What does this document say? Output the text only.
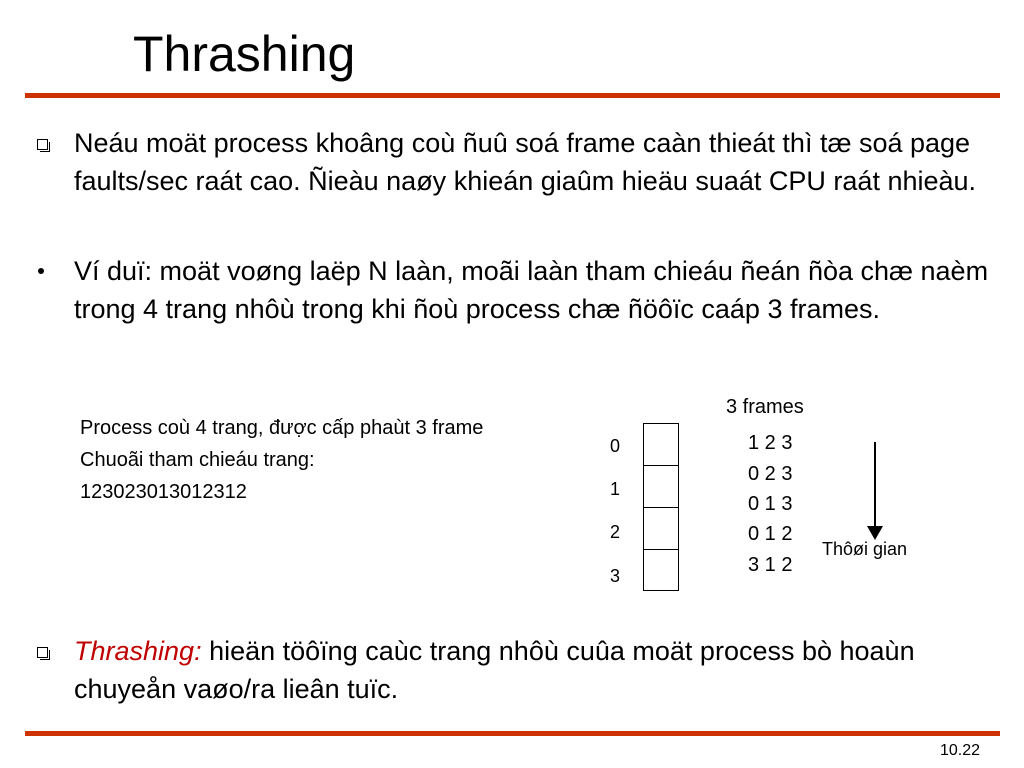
Thrashing
Neáu moät process khoâng coù ñuû soá frame caàn thieát thì tæ soá page faults/sec raát cao. Ñieàu naøy khieán giaûm hieäu suaát CPU raát nhieàu.
Ví duï: moät voøng laëp N laàn, moãi laàn tham chieáu ñeán ñòa chæ naèm trong 4 trang nhôù trong khi ñoù process chæ ñöôïc caáp 3 frames.
Process coù 4 trang, được cấp phaùt 3 frame
Chuoãi tham chieáu trang:
123023013012312
0
1
2
3
3 frames
1 2 3
0 2 3
0 1 3
0 1 2
3 1 2
Thôøi gian
Thrashing: hieän töôïng caùc trang nhôù cuûa moät process bò hoaùn chuyeån vaøo/ra lieân tuïc.
10.22
